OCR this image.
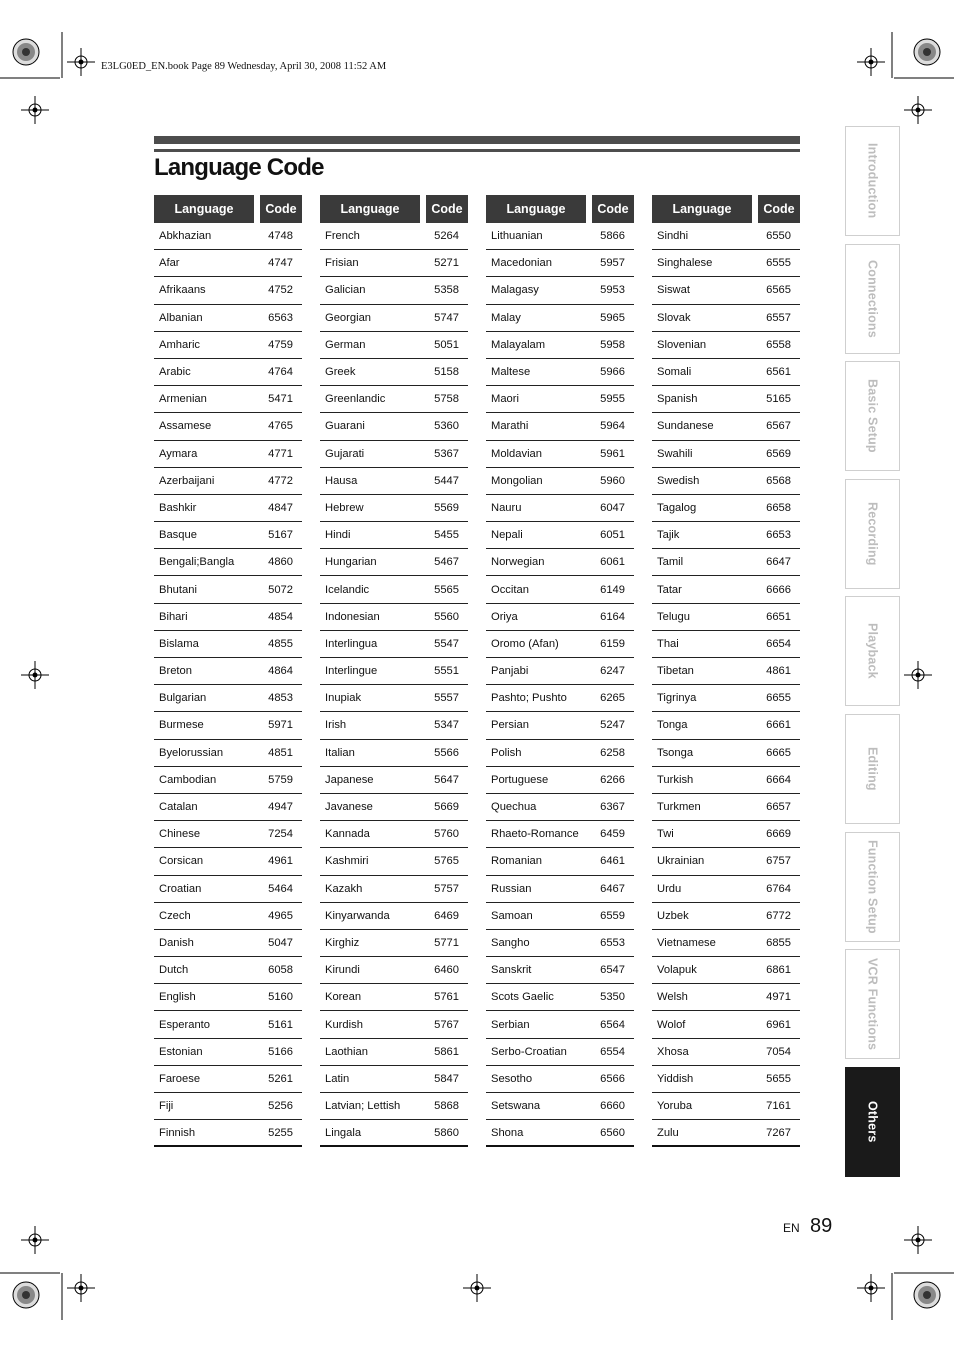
E3LG0ED_EN.book Page 89 Wednesday, April 30, 2008 11:52 AM
Language Code
Language	Code
Abkhazian	4748
Afar	4747
Afrikaans	4752
Albanian	6563
Amharic	4759
Arabic	4764
Armenian	5471
Assamese	4765
Aymara	4771
Azerbaijani	4772
Bashkir	4847
Basque	5167
Bengali;Bangla	4860
Bhutani	5072
Bihari	4854
Bislama	4855
Breton	4864
Bulgarian	4853
Burmese	5971
Byelorussian	4851
Cambodian	5759
Catalan	4947
Chinese	7254
Corsican	4961
Croatian	5464
Czech	4965
Danish	5047
Dutch	6058
English	5160
Esperanto	5161
Estonian	5166
Faroese	5261
Fiji	5256
Finnish	5255
Language	Code
French	5264
Frisian	5271
Galician	5358
Georgian	5747
German	5051
Greek	5158
Greenlandic	5758
Guarani	5360
Gujarati	5367
Hausa	5447
Hebrew	5569
Hindi	5455
Hungarian	5467
Icelandic	5565
Indonesian	5560
Interlingua	5547
Interlingue	5551
Inupiak	5557
Irish	5347
Italian	5566
Japanese	5647
Javanese	5669
Kannada	5760
Kashmiri	5765
Kazakh	5757
Kinyarwanda	6469
Kirghiz	5771
Kirundi	6460
Korean	5761
Kurdish	5767
Laothian	5861
Latin	5847
Latvian; Lettish	5868
Lingala	5860
Language	Code
Lithuanian	5866
Macedonian	5957
Malagasy	5953
Malay	5965
Malayalam	5958
Maltese	5966
Maori	5955
Marathi	5964
Moldavian	5961
Mongolian	5960
Nauru	6047
Nepali	6051
Norwegian	6061
Occitan	6149
Oriya	6164
Oromo (Afan)	6159
Panjabi	6247
Pashto; Pushto	6265
Persian	5247
Polish	6258
Portuguese	6266
Quechua	6367
Rhaeto-Romance	6459
Romanian	6461
Russian	6467
Samoan	6559
Sangho	6553
Sanskrit	6547
Scots Gaelic	5350
Serbian	6564
Serbo-Croatian	6554
Sesotho	6566
Setswana	6660
Shona	6560
Language	Code
Sindhi	6550
Singhalese	6555
Siswat	6565
Slovak	6557
Slovenian	6558
Somali	6561
Spanish	5165
Sundanese	6567
Swahili	6569
Swedish	6568
Tagalog	6658
Tajik	6653
Tamil	6647
Tatar	6666
Telugu	6651
Thai	6654
Tibetan	4861
Tigrinya	6655
Tonga	6661
Tsonga	6665
Turkish	6664
Turkmen	6657
Twi	6669
Ukrainian	6757
Urdu	6764
Uzbek	6772
Vietnamese	6855
Volapuk	6861
Welsh	4971
Wolof	6961
Xhosa	7054
Yiddish	5655
Yoruba	7161
Zulu	7267
Introduction
Connections
Basic Setup
Recording
Playback
Editing
Function Setup
VCR Functions
Others
EN 89
